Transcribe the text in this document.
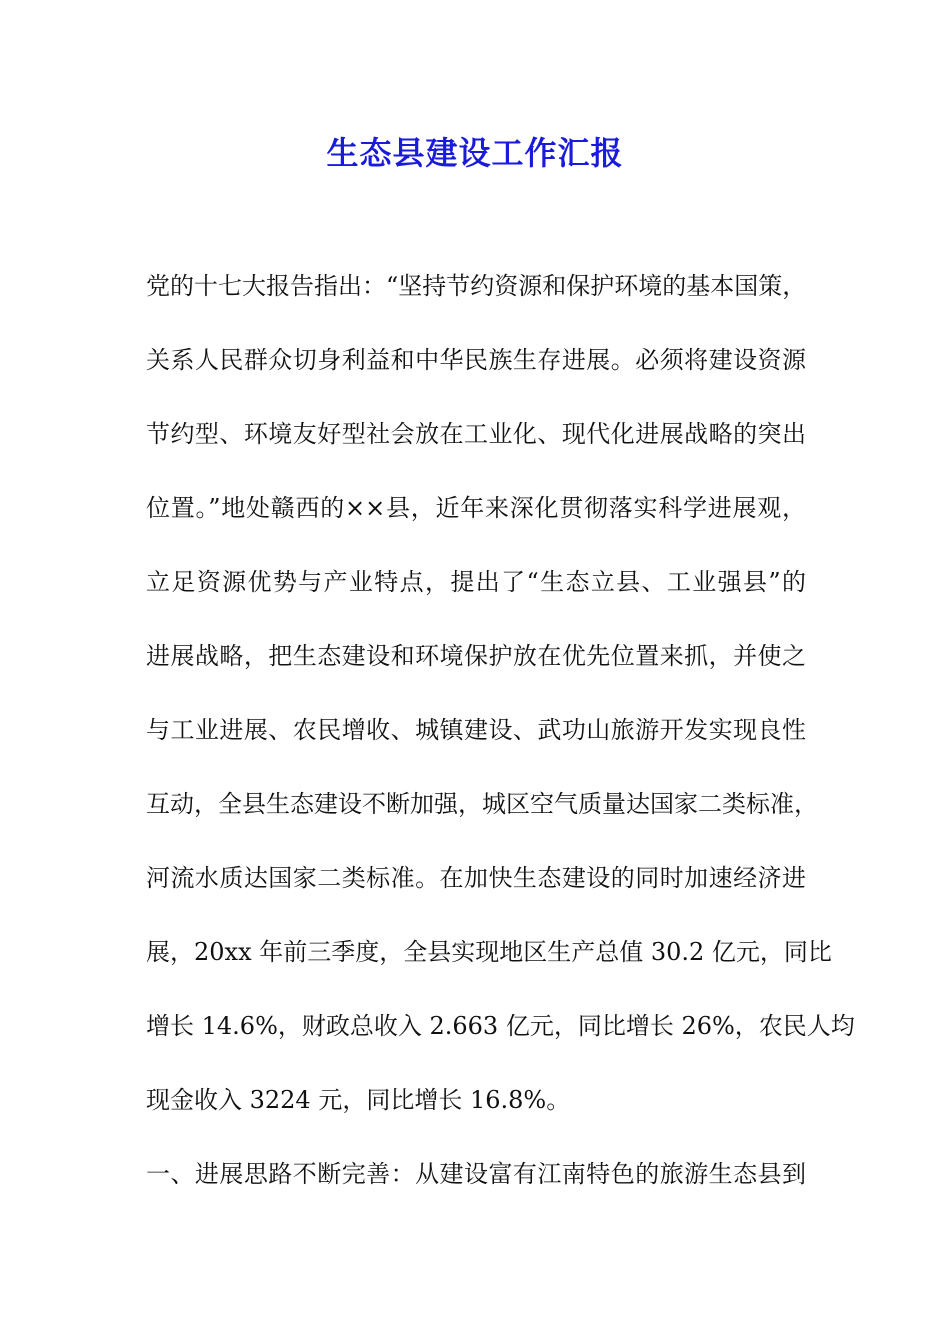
生态县建设工作汇报
党的十七大报告指出：“坚持节约资源和保护环境的基本国策，
关系人民群众切身利益和中华民族生存进展。必须将建设资源
节约型、环境友好型社会放在工业化、现代化进展战略的突出
位置。”地处赣西的××县，近年来深化贯彻落实科学进展观，
立足资源优势与产业特点，提出了“生态立县、工业强县”的
进展战略，把生态建设和环境保护放在优先位置来抓，并使之
与工业进展、农民增收、城镇建设、武功山旅游开发实现良性
互动，全县生态建设不断加强，城区空气质量达国家二类标准，
河流水质达国家二类标准。在加快生态建设的同时加速经济进
展，20xx 年前三季度，全县实现地区生产总值 30.2 亿元，同比
增长 14.6%，财政总收入 2.663 亿元，同比增长 26%，农民人均
现金收入 3224 元，同比增长 16.8%。
一、进展思路不断完善：从建设富有江南特色的旅游生态县到
